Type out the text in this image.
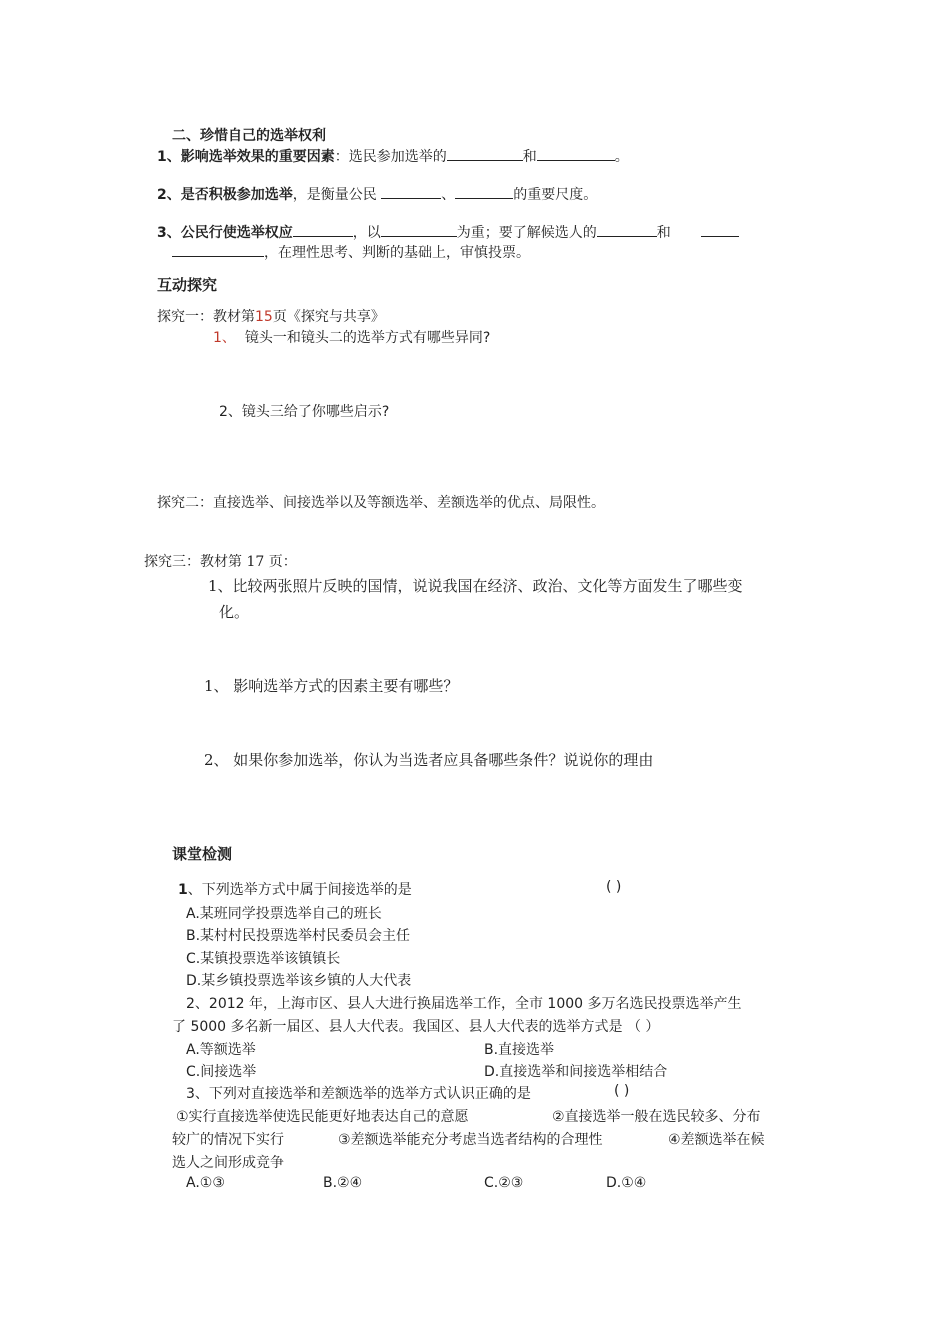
二、珍惜自己的选举权利
1、影响选举效果的重要因素：选民参加选举的	和	。
2、是否积极参加选举，是衡量公民	、	的重要尺度。
3、公民行使选举权应	，以	为重；要了解候选人的	和
，在理性思考、判断的基础上，审慎投票。
互动探究
探究一：教材第15页《探究与共享》
1、 镜头一和镜头二的选举方式有哪些异同?
2、镜头三给了你哪些启示?
探究二：直接选举、间接选举以及等额选举、差额选举的优点、局限性。
探究三：教材第 17 页：
1、比较两张照片反映的国情，说说我国在经济、政治、文化等方面发生了哪些变
化。
1、 影响选举方式的因素主要有哪些？
2、 如果你参加选举，你认为当选者应具备哪些条件？说说你的理由
课堂检测
1、下列选举方式中属于间接选举的是	( )
A.某班同学投票选举自己的班长
B.某村村民投票选举村民委员会主任
C.某镇投票选举该镇镇长
D.某乡镇投票选举该乡镇的人大代表
2、2012 年，上海市区、县人大进行换届选举工作，全市 1000 多万名选民投票选举产生
了 5000 多名新一届区、县人大代表。我国区、县人大代表的选举方式是 （ ）
A.等额选举	B.直接选举
C.间接选举	D.直接选举和间接选举相结合
3、下列对直接选举和差额选举的选举方式认识正确的是	( )
①实行直接选举使选民能更好地表达自己的意愿	②直接选举一般在选民较多、分布
较广的情况下实行	③差额选举能充分考虑当选者结构的合理性	④差额选举在候
选人之间形成竞争
A.①③	B.②④	C.②③	D.①④
